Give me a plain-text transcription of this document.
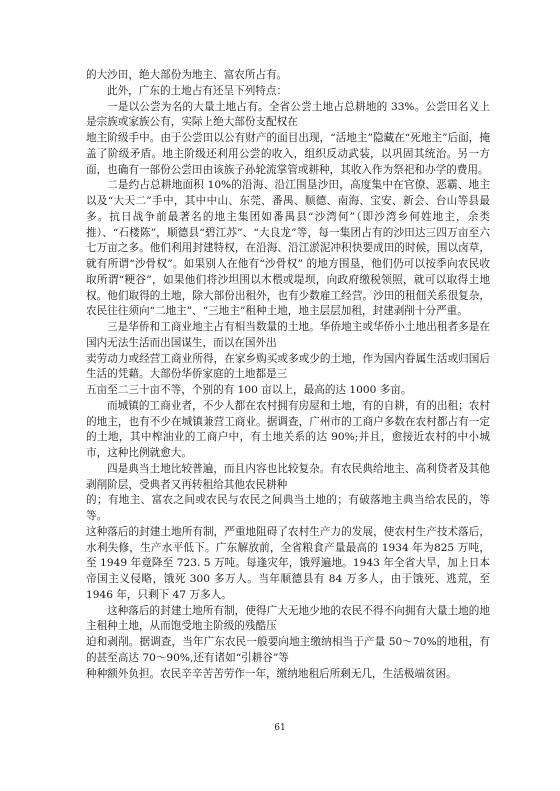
的大沙田，绝大部份为地主、富农所占有。

此外，广东的土地占有还呈下列特点：

一是以公尝为名的大量土地占有。全省公尝土地占总耕地的 33%。公尝田名义上是宗族或家族公有，实际上绝大部份支配权在

地主阶级手中。由于公尝田以公有财产的面目出现，“活地主”隐藏在“死地主”后面，掩盖了阶级矛盾。地主阶级还利用公尝的收入，组织反动武装，以巩固其统治。另一方面，也确有一部份公尝田由该族子孙轮流掌管或耕种，其收入作为祭祀和办学的费用。

二是约占总耕地面积 10%的沿海、沿江围垦沙田，高度集中在官僚、恶霸、地主以及“大天二”手中，其中中山、东莞、番禺、顺德、南海、宝安、新会、台山等县最多。抗日战争前最著名的地主集团如番禺县“沙湾何”（即沙湾乡何姓地主，余类推）、“石楼陈”，顺德县“碧江苏”、“大良龙”等，每一集团占有的沙田达三四万亩至六七万亩之多。他们利用封建特权，在沿海、沿江淤泥冲积快要成田的时候，围以卤草，就有所谓“沙骨权”。如果别人在他有“沙骨权” 的地方围垦，他们仍可以按季向农民收取所谓“粳谷”，如果他们将沙坦围以木椳或堤坝，向政府缴税领照，就可以取得土地权。他们取得的土地，除大部份出租外，也有少数雇工经营。沙田的租佃关系很复杂，农民往往须向“二地主”、“三地主”租种土地，地主层层加租，封建剥削十分严重。

三是华侨和工商业地主占有相当数量的土地。华侨地主或华侨小土地出租者多是在国内无法生活而出国谋生，而以在国外出

卖劳动力或经营工商业所得，在家乡购买或多或少的土地，作为国内眷属生活或归国后生活的凭藉。大部份华侨家庭的土地都是三

五亩至二三十亩不等，个别的有 100 亩以上，最高的达 1000 多亩。

而城镇的工商业者，不少人都在农村拥有房屋和土地，有的自耕，有的出租；农村的地主，也有不少在城镇兼营工商业。据调查，广州市的工商户多数在农村都占有一定的土地，其中榨油业的工商户中，有土地关系的达 90%;并且，愈接近农村的中小城市，这种比例就愈大。

四是典当土地比较普遍，而且内容也比较复杂。有农民典给地主、高利贷者及其他剥削阶层，受典者又再转租给其他农民耕种

的；有地主、富农之间或农民与农民之间典当土地的；有破落地主典当给农民的，等等。

这种落后的封建土地所有制，严重地阻碍了农村生产力的发展，使农村生产技术落后，水利失修，生产水平低下。广东解放前，全省粮食产量最高的 1934 年为825 万吨，至 1949 年竟降至 723. 5 万吨。每逢灾年，饿殍遍地。1943 年全省大旱，加上日本帝国主义侵略，饿死 300 多万人。当年顺德县有 84 万多人，由于饿死、逃荒，至 1946 年，只剩下 47 万多人。

这种落后的封建土地所有制，使得广大无地少地的农民不得不向拥有大量土地的地主租种土地，从而饱受地主阶级的残酷压

迫和剥削。据调查，当年广东农民一般要向地主缴纳相当于产量 50～70%的地租，有的甚至高达 70～90%,还有诸如“引耕谷”等

种种额外负担。农民辛辛苦苦劳作一年，缴纳地租后所剩无几，生活极端贫困。

61
